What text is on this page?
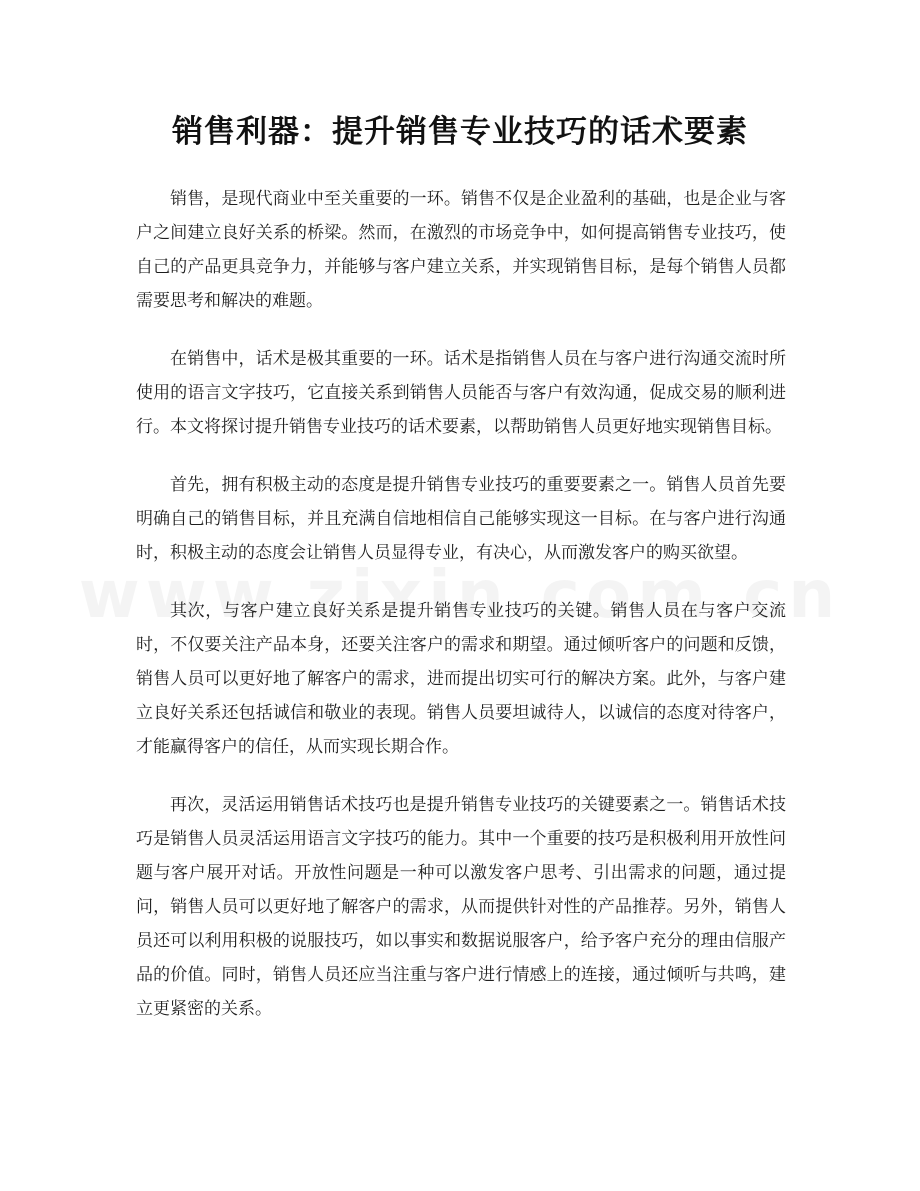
销售利器：提升销售专业技巧的话术要素

销售，是现代商业中至关重要的一环。销售不仅是企业盈利的基础，也是企业与客户之间建立良好关系的桥梁。然而，在激烈的市场竞争中，如何提高销售专业技巧，使自己的产品更具竞争力，并能够与客户建立关系，并实现销售目标，是每个销售人员都需要思考和解决的难题。

在销售中，话术是极其重要的一环。话术是指销售人员在与客户进行沟通交流时所使用的语言文字技巧，它直接关系到销售人员能否与客户有效沟通，促成交易的顺利进行。本文将探讨提升销售专业技巧的话术要素，以帮助销售人员更好地实现销售目标。

首先，拥有积极主动的态度是提升销售专业技巧的重要要素之一。销售人员首先要明确自己的销售目标，并且充满自信地相信自己能够实现这一目标。在与客户进行沟通时，积极主动的态度会让销售人员显得专业，有决心，从而激发客户的购买欲望。

其次，与客户建立良好关系是提升销售专业技巧的关键。销售人员在与客户交流时，不仅要关注产品本身，还要关注客户的需求和期望。通过倾听客户的问题和反馈，销售人员可以更好地了解客户的需求，进而提出切实可行的解决方案。此外，与客户建立良好关系还包括诚信和敬业的表现。销售人员要坦诚待人，以诚信的态度对待客户，才能赢得客户的信任，从而实现长期合作。

再次，灵活运用销售话术技巧也是提升销售专业技巧的关键要素之一。销售话术技巧是销售人员灵活运用语言文字技巧的能力。其中一个重要的技巧是积极利用开放性问题与客户展开对话。开放性问题是一种可以激发客户思考、引出需求的问题，通过提问，销售人员可以更好地了解客户的需求，从而提供针对性的产品推荐。另外，销售人员还可以利用积极的说服技巧，如以事实和数据说服客户，给予客户充分的理由信服产品的价值。同时，销售人员还应当注重与客户进行情感上的连接，通过倾听与共鸣，建立更紧密的关系。
